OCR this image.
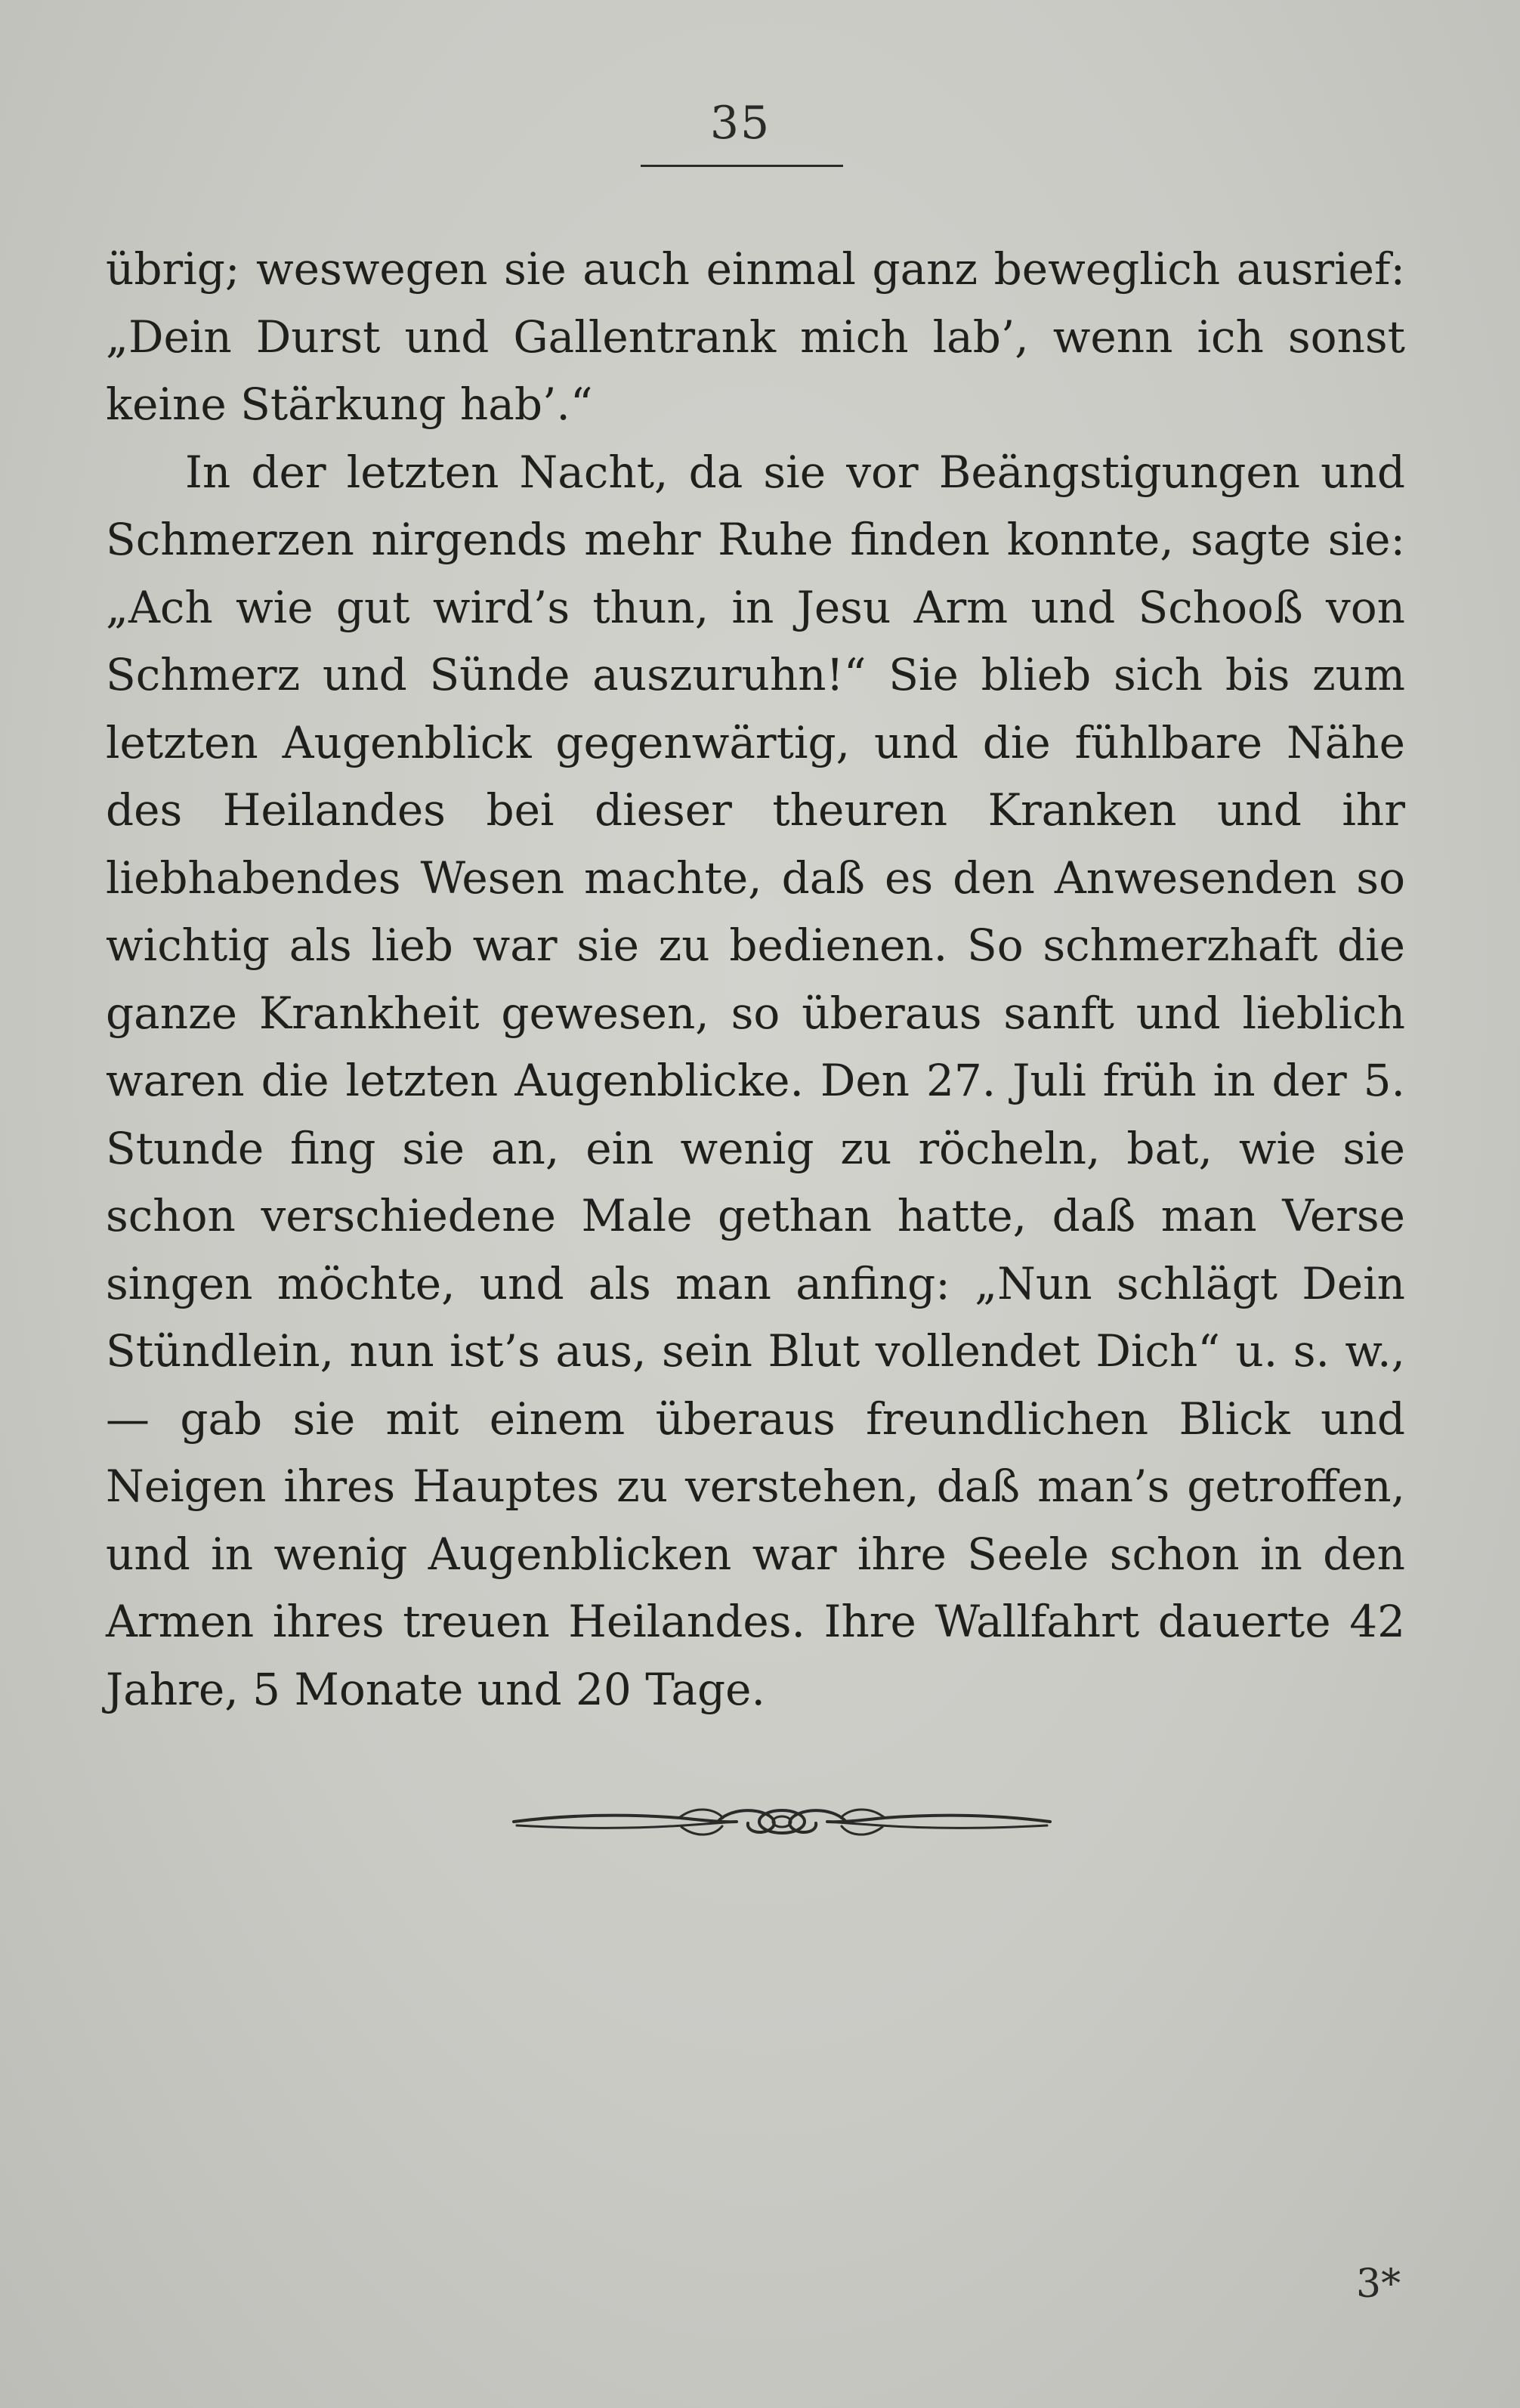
35

übrig; weswegen sie auch einmal ganz beweglich ausrief: „Dein Durst und Gallentrank mich lab’, wenn ich sonst keine Stärkung hab’.“

In der letzten Nacht, da sie vor Beängstigungen und Schmerzen nirgends mehr Ruhe finden konnte, sagte sie: „Ach wie gut wird’s thun, in Jesu Arm und Schooß von Schmerz und Sünde auszuruhn!“ Sie blieb sich bis zum letzten Augenblick gegenwärtig, und die fühlbare Nähe des Heilandes bei dieser theuren Kranken und ihr liebhabendes Wesen machte, daß es den Anwesenden so wichtig als lieb war sie zu bedienen. So schmerzhaft die ganze Krankheit gewesen, so überaus sanft und lieblich waren die letzten Augenblicke. Den 27. Juli früh in der 5. Stunde fing sie an, ein wenig zu röcheln, bat, wie sie schon verschiedene Male gethan hatte, daß man Verse singen möchte, und als man anfing: „Nun schlägt Dein Stündlein, nun ist’s aus, sein Blut vollendet Dich“ u. s. w., — gab sie mit einem überaus freundlichen Blick und Neigen ihres Hauptes zu verstehen, daß man’s getroffen, und in wenig Augenblicken war ihre Seele schon in den Armen ihres treuen Heilandes. Ihre Wallfahrt dauerte 42 Jahre, 5 Monate und 20 Tage.

3*
